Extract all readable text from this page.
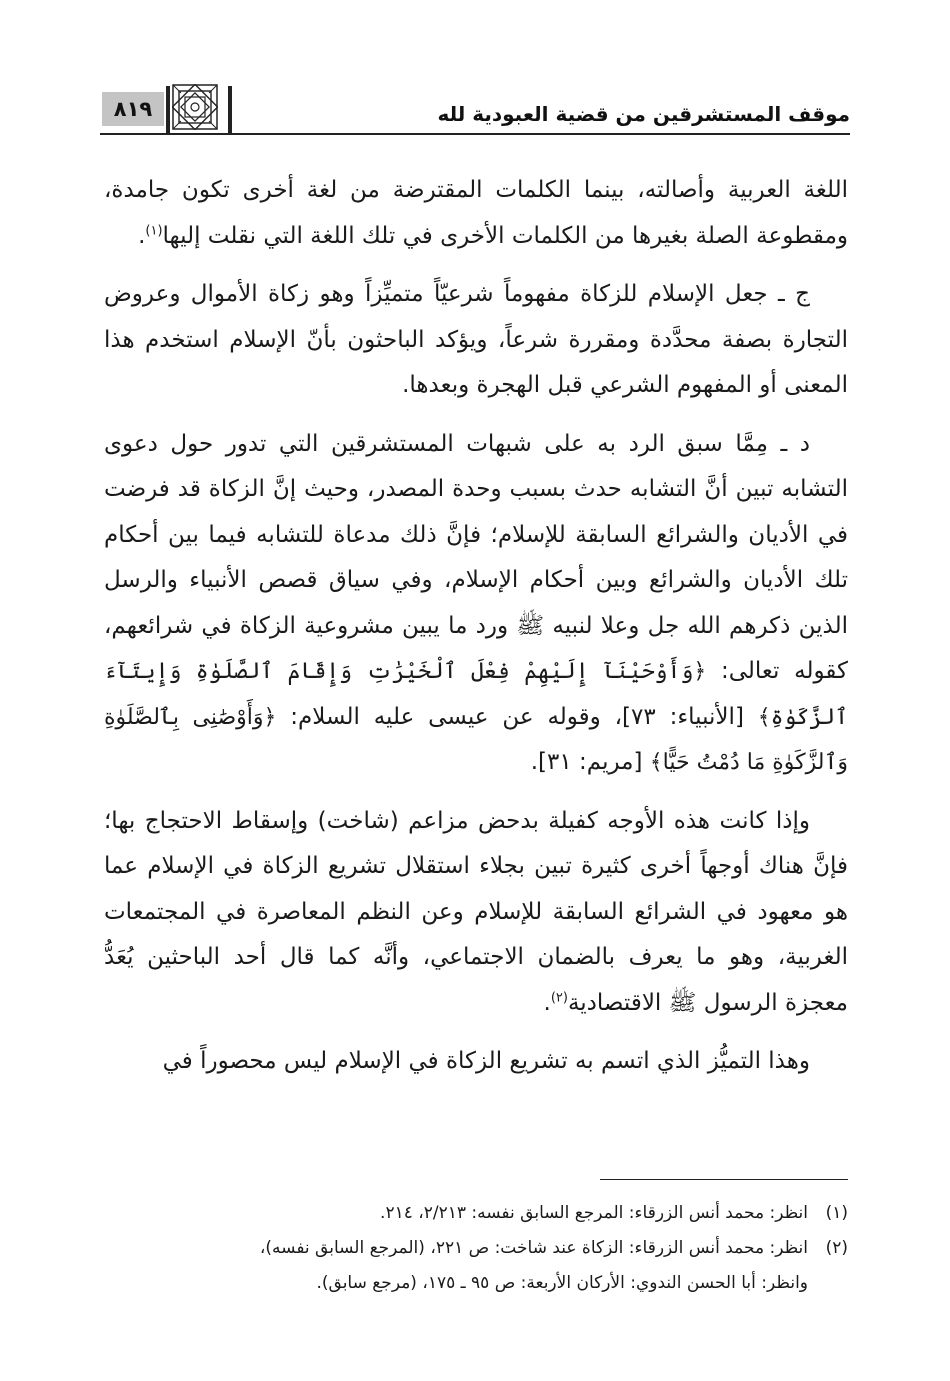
موقف المستشرقين من قضية العبودية لله
٨١٩

اللغة العربية وأصالته، بينما الكلمات المقترضة من لغة أخرى تكون جامدة، ومقطوعة الصلة بغيرها من الكلمات الأخرى في تلك اللغة التي نقلت إليها$^{(١)}$.

ج ـ جعل الإسلام للزكاة مفهوماً شرعيّاً متميِّزاً وهو زكاة الأموال وعروض التجارة بصفة محدَّدة ومقررة شرعاً، ويؤكد الباحثون بأنّ الإسلام استخدم هذا المعنى أو المفهوم الشرعي قبل الهجرة وبعدها.

د ـ مِمَّا سبق الرد به على شبهات المستشرقين التي تدور حول دعوى التشابه تبين أنَّ التشابه حدث بسبب وحدة المصدر، وحيث إنَّ الزكاة قد فرضت في الأديان والشرائع السابقة للإسلام؛ فإنَّ ذلك مدعاة للتشابه فيما بين أحكام تلك الأديان والشرائع وبين أحكام الإسلام، وفي سياق قصص الأنبياء والرسل الذين ذكرهم الله جل وعلا لنبيه ﷺ ورد ما يبين مشروعية الزكاة في شرائعهم، كقوله تعالى: ﴿وَأَوْحَيْنَآ إِلَيْهِمْ فِعْلَ ٱلْخَيْرَٰتِ وَإِقَامَ ٱلصَّلَوٰةِ وَإِيتَآءَ ٱلزَّكَوٰةِ﴾ [الأنبياء: ٧٣]، وقوله عن عيسى عليه السلام: ﴿وَأَوْصَٰنِى بِٱلصَّلَوٰةِ وَٱلزَّكَوٰةِ مَا دُمْتُ حَيًّا﴾ [مريم: ٣١].

وإذا كانت هذه الأوجه كفيلة بدحض مزاعم (شاخت) وإسقاط الاحتجاج بها؛ فإنَّ هناك أوجهاً أخرى كثيرة تبين بجلاء استقلال تشريع الزكاة في الإسلام عما هو معهود في الشرائع السابقة للإسلام وعن النظم المعاصرة في المجتمعات الغربية، وهو ما يعرف بالضمان الاجتماعي، وأنَّه كما قال أحد الباحثين يُعَدُّ معجزة الرسول ﷺ الاقتصادية$^{(٢)}$.

وهذا التميُّز الذي اتسم به تشريع الزكاة في الإسلام ليس محصوراً في

(١)
انظر: محمد أنس الزرقاء: المرجع السابق نفسه: ٢/٢١٣، ٢١٤.
(٢)
انظر: محمد أنس الزرقاء: الزكاة عند شاخت: ص ٢٢١، (المرجع السابق نفسه)،
وانظر: أبا الحسن الندوي: الأركان الأربعة: ص ٩٥ ـ ١٧٥، (مرجع سابق).
